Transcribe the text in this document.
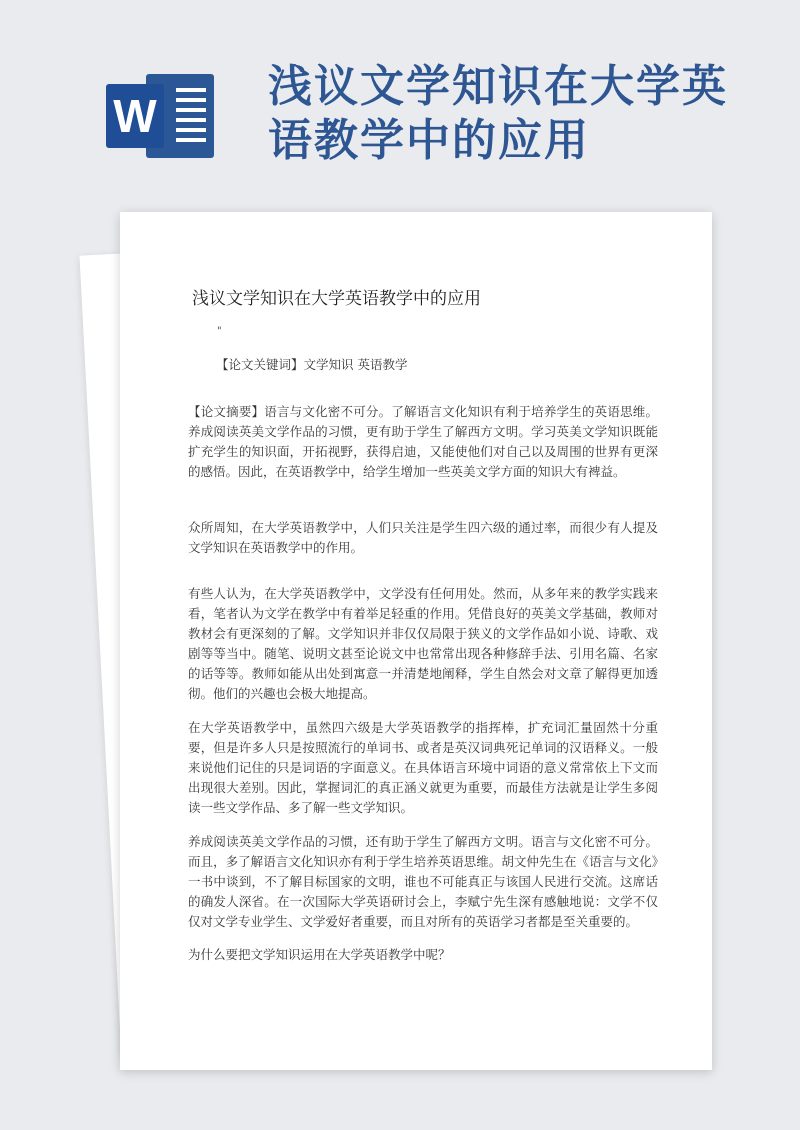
W
浅议文学知识在大学英语教学中的应用
浅议文学知识在大学英语教学中的应用
"

【论文关键词】文学知识 英语教学

【论文摘要】语言与文化密不可分。了解语言文化知识有利于培养学生的英语思维。养成阅读英美文学作品的习惯，更有助于学生了解西方文明。学习英美文学知识既能扩充学生的知识面，开拓视野，获得启迪，又能使他们对自己以及周围的世界有更深的感悟。因此，在英语教学中，给学生增加一些英美文学方面的知识大有裨益。

众所周知，在大学英语教学中，人们只关注是学生四六级的通过率，而很少有人提及文学知识在英语教学中的作用。

有些人认为，在大学英语教学中，文学没有任何用处。然而，从多年来的教学实践来看，笔者认为文学在教学中有着举足轻重的作用。凭借良好的英美文学基础，教师对教材会有更深刻的了解。文学知识并非仅仅局限于狭义的文学作品如小说、诗歌、戏剧等等当中。随笔、说明文甚至论说文中也常常出现各种修辞手法、引用名篇、名家的话等等。教师如能从出处到寓意一并清楚地阐释，学生自然会对文章了解得更加透彻。他们的兴趣也会极大地提高。

在大学英语教学中，虽然四六级是大学英语教学的指挥棒，扩充词汇量固然十分重要，但是许多人只是按照流行的单词书、或者是英汉词典死记单词的汉语释义。一般来说他们记住的只是词语的字面意义。在具体语言环境中词语的意义常常依上下文而出现很大差别。因此，掌握词汇的真正涵义就更为重要，而最佳方法就是让学生多阅读一些文学作品、多了解一些文学知识。

养成阅读英美文学作品的习惯，还有助于学生了解西方文明。语言与文化密不可分。而且，多了解语言文化知识亦有利于学生培养英语思维。胡文仲先生在《语言与文化》一书中谈到，不了解目标国家的文明，谁也不可能真正与该国人民进行交流。这席话的确发人深省。在一次国际大学英语研讨会上，李赋宁先生深有感触地说：文学不仅仅对文学专业学生、文学爱好者重要，而且对所有的英语学习者都是至关重要的。

为什么要把文学知识运用在大学英语教学中呢？
